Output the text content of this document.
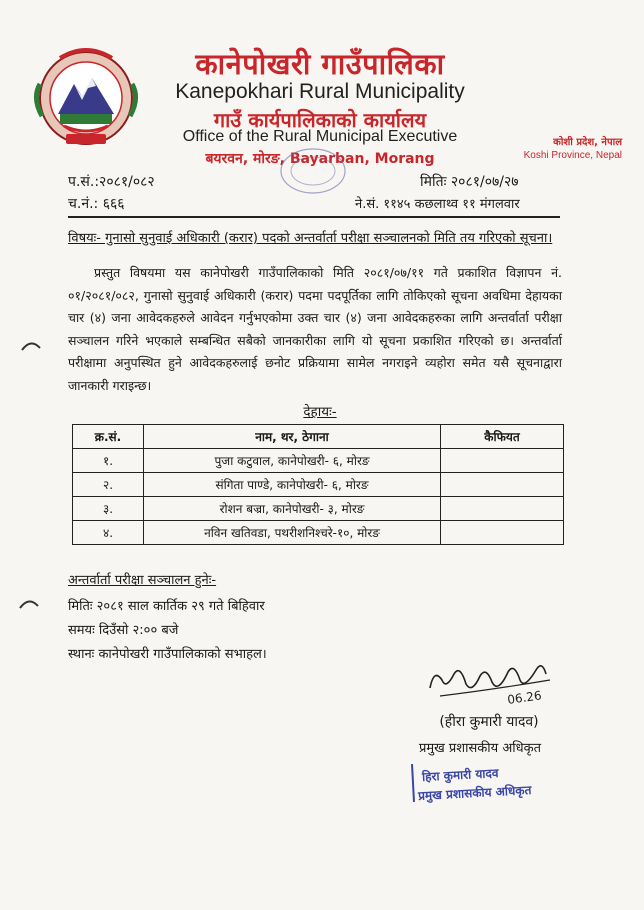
कानेपोखरी गाउँपालिका
Kanepokhari Rural Municipality
गाउँ कार्यपालिकाको कार्यालय
Office of the Rural Municipal Executive
बयरवन, मोरङ, Bayarban, Morang
कोशी प्रदेश, नेपाल
Koshi Province, Nepal
प.सं.:२०८१/०८२	मितिः २०८१/०७/२७
च.नं.: ६६६	ने.सं. ११४५ कछलाथ्व ११ मंगलवार
विषयः- गुनासो सुनुवाई अधिकारी (करार) पदको अन्तर्वार्ता परीक्षा सञ्चालनको मिति तय गरिएको सूचना।
प्रस्तुत विषयमा यस कानेपोखरी गाउँपालिकाको मिति २०८१/०७/११ गते प्रकाशित विज्ञापन नं. ०१/२०८१/०८२, गुनासो सुनुवाई अधिकारी (करार) पदमा पदपूर्तिका लागि तोकिएको सूचना अवधिमा देहायका चार (४) जना आवेदकहरुले आवेदन गर्नुभएकोमा उक्त चार (४) जना आवेदकहरुका लागि अन्तर्वार्ता परीक्षा सञ्चालन गरिने भएकाले सम्बन्धित सबैको जानकारीका लागि यो सूचना प्रकाशित गरिएको छ। अन्तर्वार्ता परीक्षामा अनुपस्थित हुने आवेदकहरुलाई छनोट प्रक्रियामा सामेल नगराइने व्यहोरा समेत यसै सूचनाद्वारा जानकारी गराइन्छ।
देहायः-
क्र.सं.	नाम, थर, ठेगाना	कैफियत
१.	पुजा कटुवाल, कानेपोखरी- ६, मोरङ	
२.	संगिता पाण्डे, कानेपोखरी- ६, मोरङ	
३.	रोशन बज्रा, कानेपोखरी- ३, मोरङ	
४.	नविन खतिवडा, पथरीशनिश्चरे-१०, मोरङ	
अन्तर्वार्ता परीक्षा सञ्चालन हुनेः-
मितिः २०८१ साल कार्तिक २९ गते बिहिवार
समयः दिउँसो २:०० बजे
स्थानः कानेपोखरी गाउँपालिकाको सभाहल।
06.26
(हीरा कुमारी यादव)
प्रमुख प्रशासकीय अधिकृत
हिरा कुमारी यादव
प्रमुख प्रशासकीय अधिकृत
